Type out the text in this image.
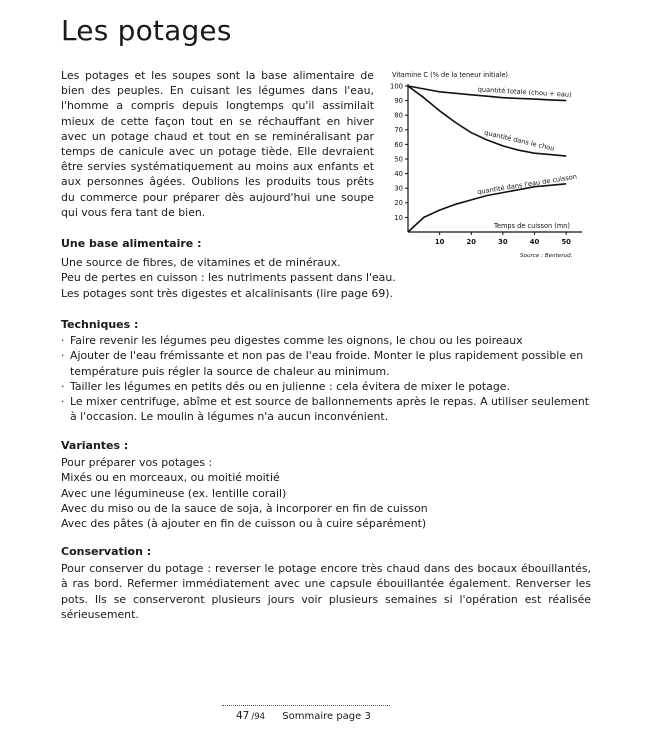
Les potages

Les potages et les soupes sont la base alimentaire de bien des peuples. En cuisant les légumes dans l'eau, l'homme a compris depuis longtemps qu'il assimilait mieux de cette façon tout en se réchauffant en hiver avec un potage chaud et tout en se reminéralisant par temps de canicule avec un potage tiède. Elle devraient être servies systématiquement au moins aux enfants et aux personnes âgées. Oublions les produits tous prêts du commerce pour préparer dès aujourd'hui une soupe qui vous fera tant de bien.

Vitamine C (% de la teneur initiale)
10
20
30
40
50
60
70
80
90
100
10	20	30	40	50
quantité totale (chou + eau)
quantité dans le chou
quantité dans l'eau de cuisson
Temps de cuisson (mn)
Source : Benterud.
Une base alimentaire :
Une source de fibres, de vitamines et de minéraux.
Peu de pertes en cuisson : les nutriments passent dans l'eau.
Les potages sont très digestes et alcalinisants (lire page 69).
Techniques :
· Faire revenir les légumes peu digestes comme les oignons, le chou ou les poireaux
· Ajouter de l'eau frémissante et non pas de l'eau froide. Monter le plus rapidement possible en température puis régler la source de chaleur au minimum.
· Tailler les légumes en petits dés ou en julienne : cela évitera de mixer le potage.
· Le mixer centrifuge, abîme et est source de ballonnements après le repas. A utiliser seulement à l'occasion. Le moulin à légumes n'a aucun inconvénient.
Variantes :
Pour préparer vos potages :
Mixés ou en morceaux, ou moitié moitié
Avec une légumineuse (ex. lentille corail)
Avec du miso ou de la sauce de soja, à incorporer en fin de cuisson
Avec des pâtes (à ajouter en fin de cuisson ou à cuire séparément)
Conservation :
Pour conserver du potage : reverser le potage encore très chaud dans des bocaux ébouillantés, à ras bord. Refermer immédiatement avec une capsule ébouillantée également. Renverser les pots. Ils se conserveront plusieurs jours voir plusieurs semaines si l'opération est réalisée sérieusement.
47 /94 Sommaire page 3
